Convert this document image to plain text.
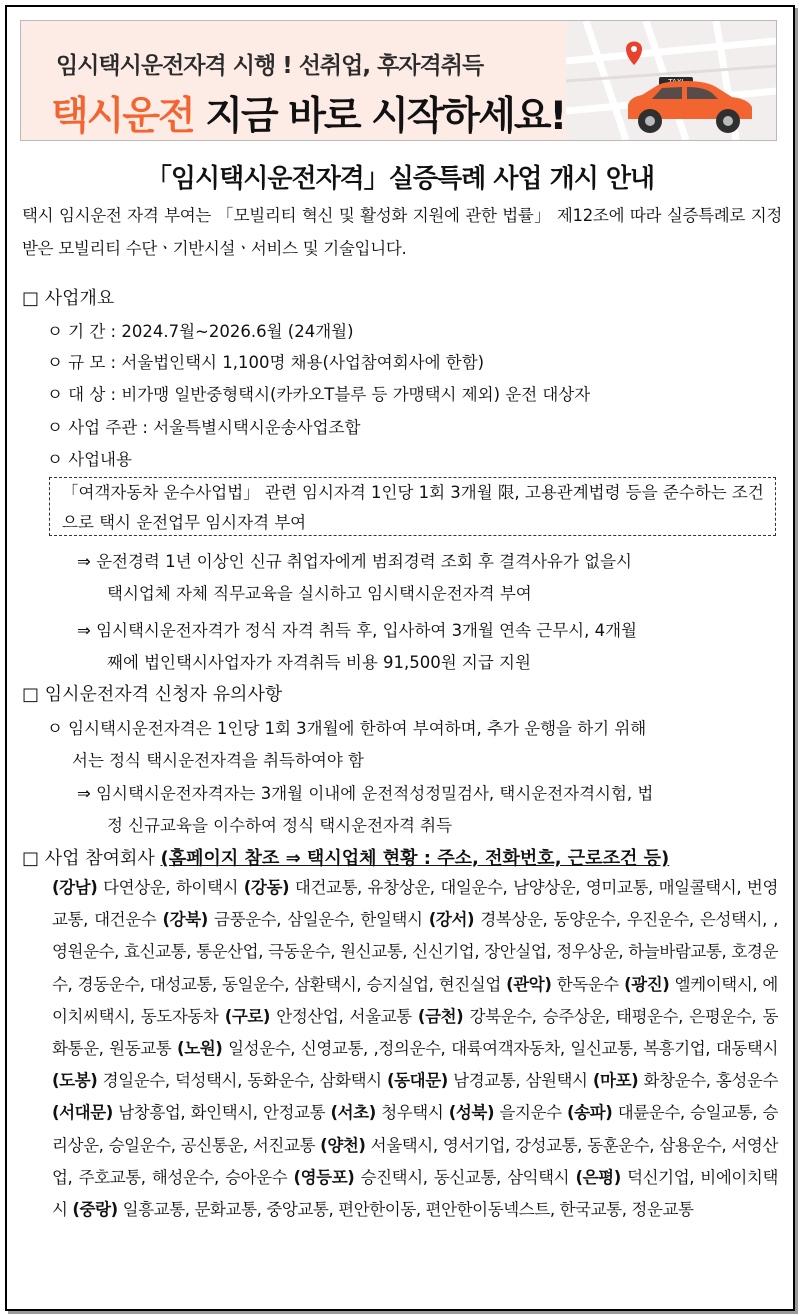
임시택시운전자격 시행 ! 선취업, 후자격취득
택시운전 지금 바로 시작하세요!
「임시택시운전자격」실증특례 사업 개시 안내
택시 임시운전 자격 부여는 「모빌리티 혁신 및 활성화 지원에 관한 법률」 제12조에 따라 실증특례로 지정받은 모빌리티 수단ㆍ기반시설ㆍ서비스 및 기술입니다.
□ 사업개요
ㅇ 기 간 : 2024.7월~2026.6월 (24개월)
ㅇ 규 모 : 서울법인택시 1,100명 채용(사업참여회사에 한함)
ㅇ 대 상 : 비가맹 일반중형택시(카카오T블루 등 가맹택시 제외) 운전 대상자
ㅇ 사업 주관 : 서울특별시택시운송사업조합
ㅇ 사업내용
「여객자동차 운수사업법」 관련 임시자격 1인당 1회 3개월 限, 고용관계법령 등을 준수하는 조건으로 택시 운전업무 임시자격 부여
⇒ 운전경력 1년 이상인 신규 취업자에게 범죄경력 조회 후 결격사유가 없을시
택시업체 자체 직무교육을 실시하고 임시택시운전자격 부여
⇒ 임시택시운전자격가 정식 자격 취득 후, 입사하여 3개월 연속 근무시, 4개월
째에 법인택시사업자가 자격취득 비용 91,500원 지급 지원
□ 임시운전자격 신청자 유의사항
ㅇ 임시택시운전자격은 1인당 1회 3개월에 한하여 부여하며, 추가 운행을 하기 위해
서는 정식 택시운전자격을 취득하여야 함
⇒ 임시택시운전자격자는 3개월 이내에 운전적성정밀검사, 택시운전자격시험, 법
정 신규교육을 이수하여 정식 택시운전자격 취득
□ 사업 참여회사 (홈페이지 참조 ⇒ 택시업체 현황 : 주소, 전화번호, 근로조건 등)
(강남) 다연상운, 하이택시 (강동) 대건교통, 유창상운, 대일운수, 남양상운, 영미교통, 매일콜택시, 번영교통, 대건운수 (강북) 금풍운수, 삼일운수, 한일택시 (강서) 경복상운, 동양운수, 우진운수, 은성택시, ,영원운수, 효신교통, 통운산업, 극동운수, 원신교통, 신신기업, 장안실업, 정우상운, 하늘바람교통, 호경운수, 경동운수, 대성교통, 동일운수, 삼환택시, 승지실업, 현진실업 (관악) 한독운수 (광진) 엘케이택시, 에이치씨택시, 동도자동차 (구로) 안정산업, 서울교통 (금천) 강북운수, 승주상운, 태평운수, 은평운수, 동화통운, 원동교통 (노원) 일성운수, 신영교통, ,정의운수, 대륙여객자동차, 일신교통, 복흥기업, 대동택시 (도봉) 경일운수, 덕성택시, 동화운수, 삼화택시 (동대문) 남경교통, 삼원택시 (마포) 화창운수, 홍성운수 (서대문) 남창흥업, 화인택시, 안정교통 (서초) 청우택시 (성북) 을지운수 (송파) 대륜운수, 승일교통, 승리상운, 승일운수, 공신통운, 서진교통 (양천) 서울택시, 영서기업, 강성교통, 동훈운수, 삼용운수, 서영산업, 주호교통, 해성운수, 승아운수 (영등포) 승진택시, 동신교통, 삼익택시 (은평) 덕신기업, 비에이치택시 (중랑) 일흥교통, 문화교통, 중앙교통, 편안한이동, 편안한이동넥스트, 한국교통, 정운교통
